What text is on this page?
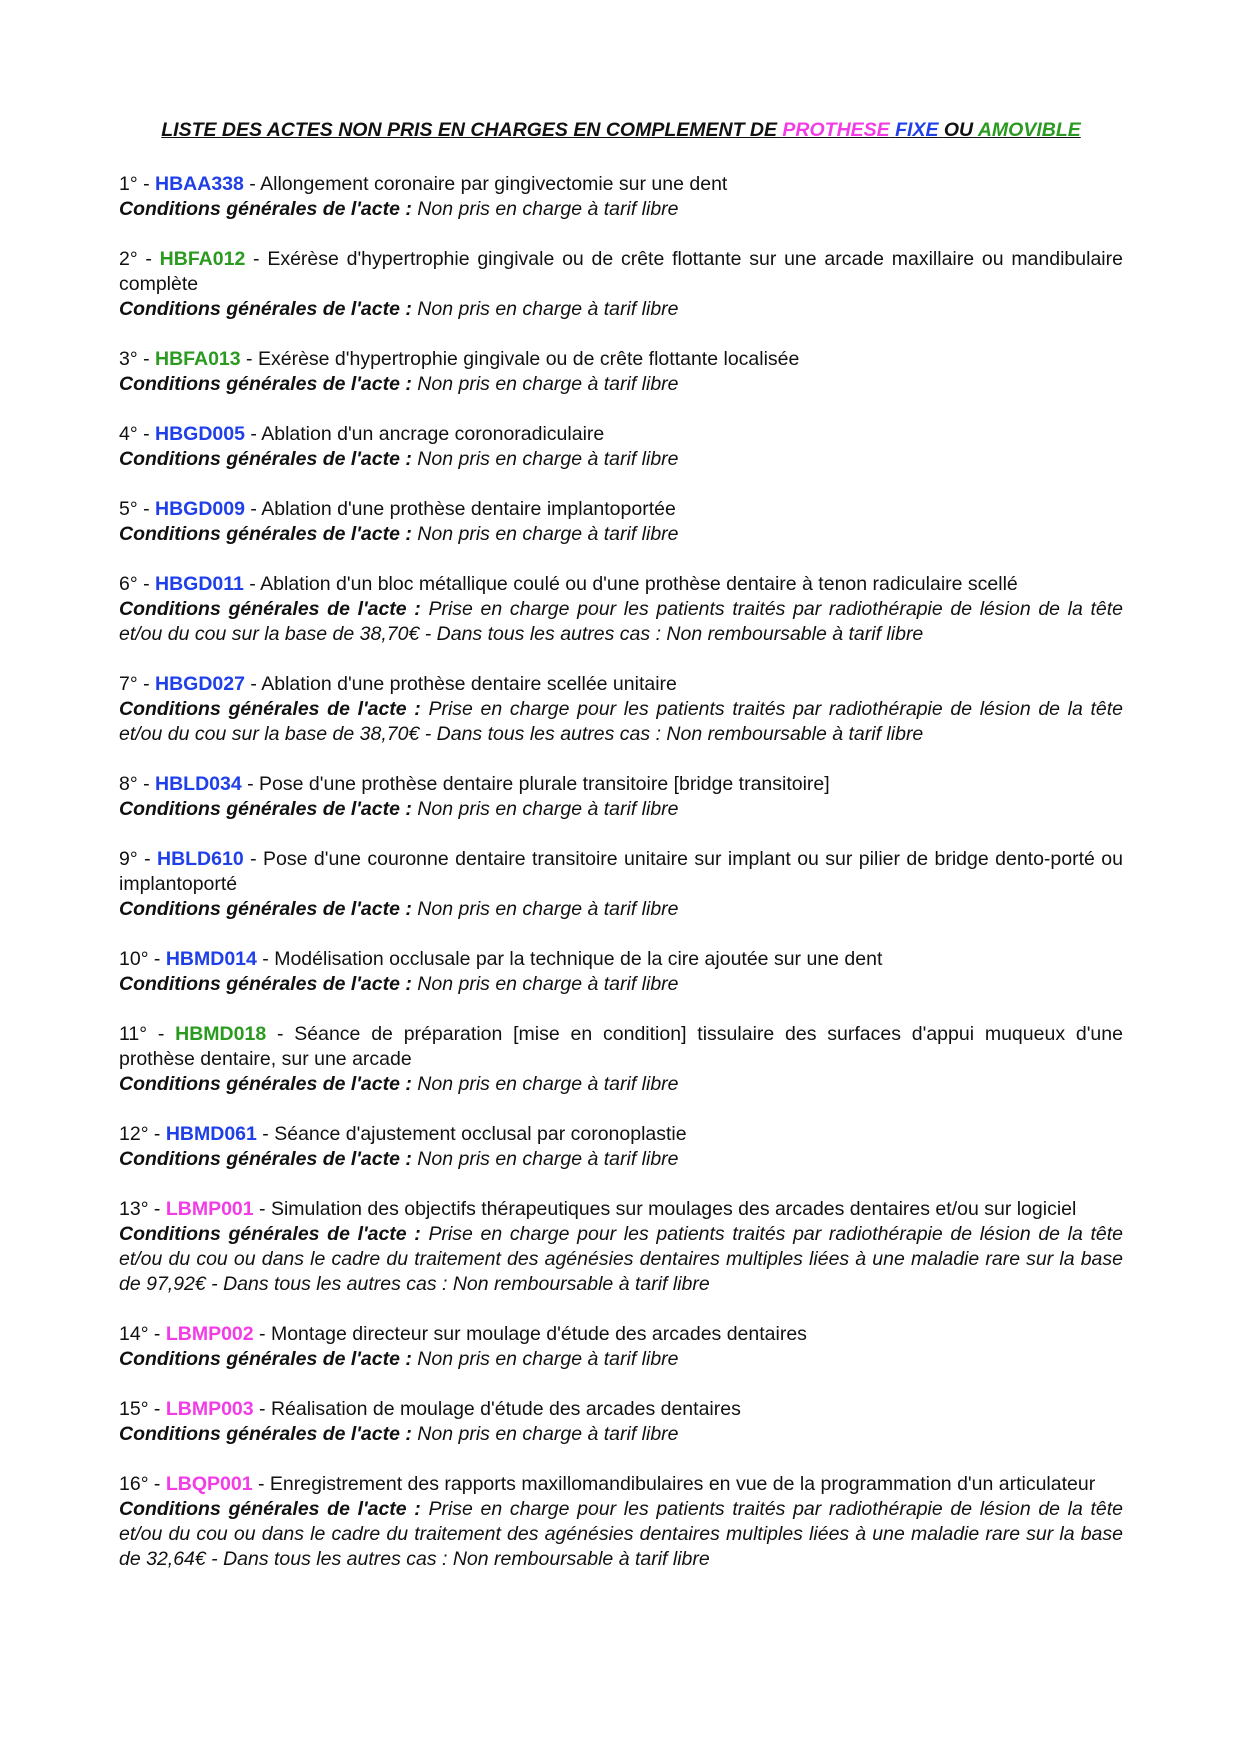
LISTE DES ACTES NON PRIS EN CHARGES EN COMPLEMENT DE PROTHESE FIXE OU AMOVIBLE
1° - HBAA338 - Allongement coronaire par gingivectomie sur une dent
Conditions générales de l'acte : Non pris en charge à tarif libre
2° - HBFA012 - Exérèse d'hypertrophie gingivale ou de crête flottante sur une arcade maxillaire ou mandibulaire complète
Conditions générales de l'acte : Non pris en charge à tarif libre
3° - HBFA013 - Exérèse d'hypertrophie gingivale ou de crête flottante localisée
Conditions générales de l'acte : Non pris en charge à tarif libre
4° - HBGD005 - Ablation d'un ancrage coronoradiculaire
Conditions générales de l'acte : Non pris en charge à tarif libre
5° - HBGD009 - Ablation d'une prothèse dentaire implantoportée
Conditions générales de l'acte : Non pris en charge à tarif libre
6° - HBGD011 - Ablation d'un bloc métallique coulé ou d'une prothèse dentaire à tenon radiculaire scellé
Conditions générales de l'acte : Prise en charge pour les patients traités par radiothérapie de lésion de la tête et/ou du cou sur la base de 38,70€ - Dans tous les autres cas : Non remboursable à tarif libre
7° - HBGD027 - Ablation d'une prothèse dentaire scellée unitaire
Conditions générales de l'acte : Prise en charge pour les patients traités par radiothérapie de lésion de la tête et/ou du cou sur la base de 38,70€ - Dans tous les autres cas : Non remboursable à tarif libre
8° - HBLD034 - Pose d'une prothèse dentaire plurale transitoire [bridge transitoire]
Conditions générales de l'acte : Non pris en charge à tarif libre
9° - HBLD610 - Pose d'une couronne dentaire transitoire unitaire sur implant ou sur pilier de bridge dento-porté ou implantoporté
Conditions générales de l'acte : Non pris en charge à tarif libre
10° - HBMD014 - Modélisation occlusale par la technique de la cire ajoutée sur une dent
Conditions générales de l'acte : Non pris en charge à tarif libre
11° - HBMD018 - Séance de préparation [mise en condition] tissulaire des surfaces d'appui muqueux d'une prothèse dentaire, sur une arcade
Conditions générales de l'acte : Non pris en charge à tarif libre
12° - HBMD061 - Séance d'ajustement occlusal par coronoplastie
Conditions générales de l'acte : Non pris en charge à tarif libre
13° - LBMP001 - Simulation des objectifs thérapeutiques sur moulages des arcades dentaires et/ou sur logiciel
Conditions générales de l'acte : Prise en charge pour les patients traités par radiothérapie de lésion de la tête et/ou du cou ou dans le cadre du traitement des agénésies dentaires multiples liées à une maladie rare sur la base de 97,92€ - Dans tous les autres cas : Non remboursable à tarif libre
14° - LBMP002 - Montage directeur sur moulage d'étude des arcades dentaires
Conditions générales de l'acte : Non pris en charge à tarif libre
15° - LBMP003 - Réalisation de moulage d'étude des arcades dentaires
Conditions générales de l'acte : Non pris en charge à tarif libre
16° - LBQP001 - Enregistrement des rapports maxillomandibulaires en vue de la programmation d'un articulateur
Conditions générales de l'acte : Prise en charge pour les patients traités par radiothérapie de lésion de la tête et/ou du cou ou dans le cadre du traitement des agénésies dentaires multiples liées à une maladie rare sur la base de 32,64€ - Dans tous les autres cas : Non remboursable à tarif libre
